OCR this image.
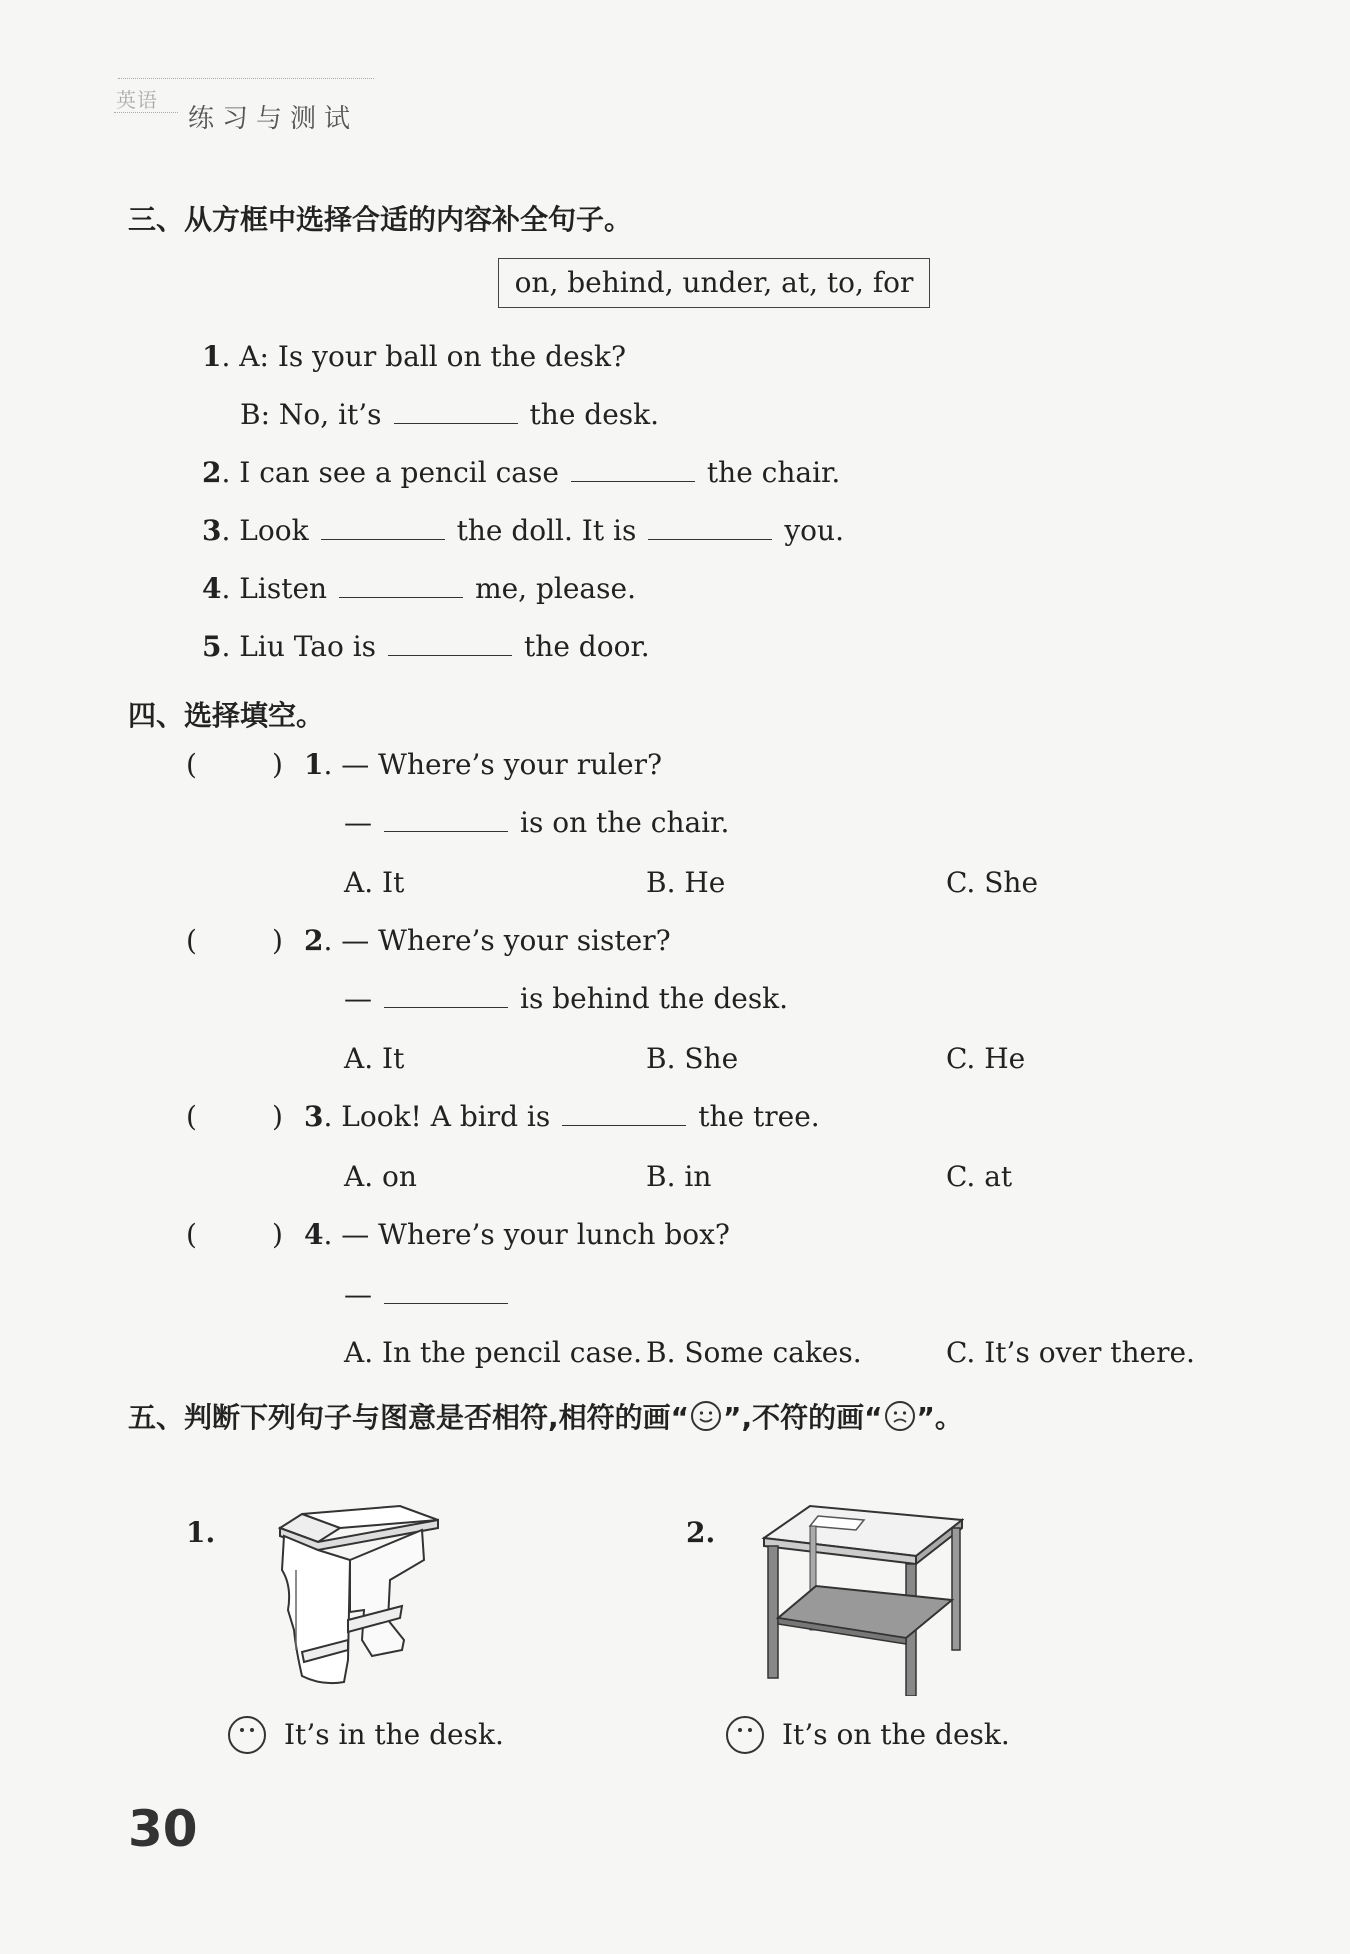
英语
练习与测试
三、从方框中选择合适的内容补全句子。
on, behind, under, at, to, for
1. A: Is your ball on the desk?
B: No, it’s	the desk.
2. I can see a pencil case	the chair.
3. Look	the doll. It is	you.
4. Listen	me, please.
5. Liu Tao is	the door.
四、选择填空。
(	) 1. — Where’s your ruler?
—	is on the chair.
A. It	B. He	C. She
(	) 2. — Where’s your sister?
—	is behind the desk.
A. It	B. She	C. He
(	) 3. Look! A bird is	the tree.
A. on	B. in	C. at
(	) 4. — Where’s your lunch box?
—
A. In the pencil case. B. Some cakes.	C. It’s over there.
五、判断下列句子与图意是否相符,相符的画“ ”,不符的画“ ”。
1.
It’s in the desk.
2.
It’s on the desk.
30
